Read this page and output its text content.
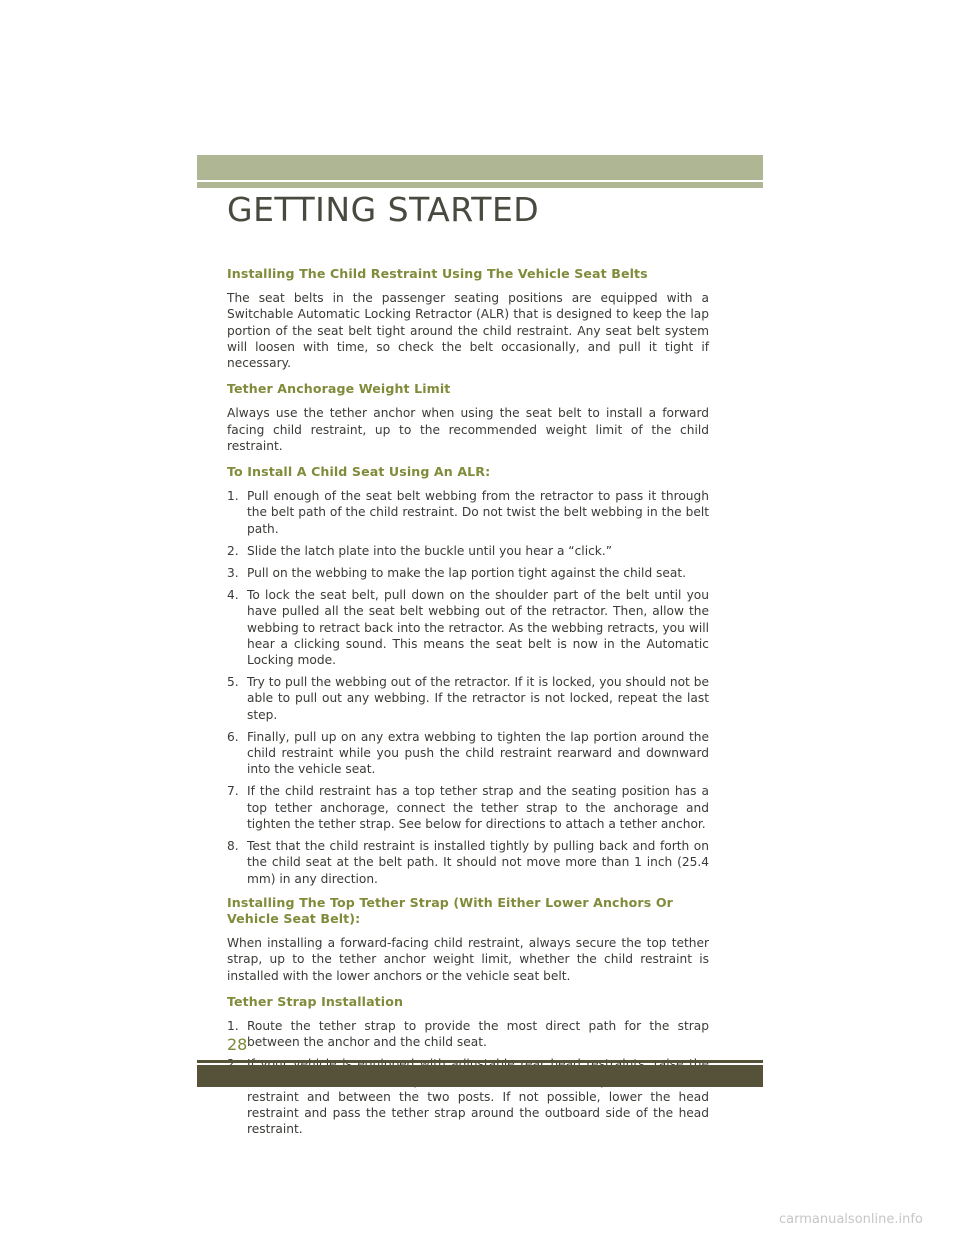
GETTING STARTED
Installing The Child Restraint Using The Vehicle Seat Belts

The seat belts in the passenger seating positions are equipped with a Switchable Automatic Locking Retractor (ALR) that is designed to keep the lap portion of the seat belt tight around the child restraint. Any seat belt system will loosen with time, so check the belt occasionally, and pull it tight if necessary.

Tether Anchorage Weight Limit

Always use the tether anchor when using the seat belt to install a forward facing child restraint, up to the recommended weight limit of the child restraint.

To Install A Child Seat Using An ALR:
1. Pull enough of the seat belt webbing from the retractor to pass it through the belt path of the child restraint. Do not twist the belt webbing in the belt path.
2. Slide the latch plate into the buckle until you hear a “click.”
3. Pull on the webbing to make the lap portion tight against the child seat.
4. To lock the seat belt, pull down on the shoulder part of the belt until you have pulled all the seat belt webbing out of the retractor. Then, allow the webbing to retract back into the retractor. As the webbing retracts, you will hear a clicking sound. This means the seat belt is now in the Automatic Locking mode.
5. Try to pull the webbing out of the retractor. If it is locked, you should not be able to pull out any webbing. If the retractor is not locked, repeat the last step.
6. Finally, pull up on any extra webbing to tighten the lap portion around the child restraint while you push the child restraint rearward and downward into the vehicle seat.
7. If the child restraint has a top tether strap and the seating position has a top tether anchorage, connect the tether strap to the anchorage and tighten the tether strap. See below for directions to attach a tether anchor.
8. Test that the child restraint is installed tightly by pulling back and forth on the child seat at the belt path. It should not move more than 1 inch (25.4 mm) in any direction.
Installing The Top Tether Strap (With Either Lower Anchors Or Vehicle Seat Belt):

When installing a forward-facing child restraint, always secure the top tether strap, up to the tether anchor weight limit, whether the child restraint is installed with the lower anchors or the vehicle seat belt.

Tether Strap Installation
1. Route the tether strap to provide the most direct path for the strap between the anchor and the child seat.
restraint and between the two posts. If not possible, lower the head restraint and pass the tether strap around the outboard side of the head restraint.
28
carmanualsonline.info
